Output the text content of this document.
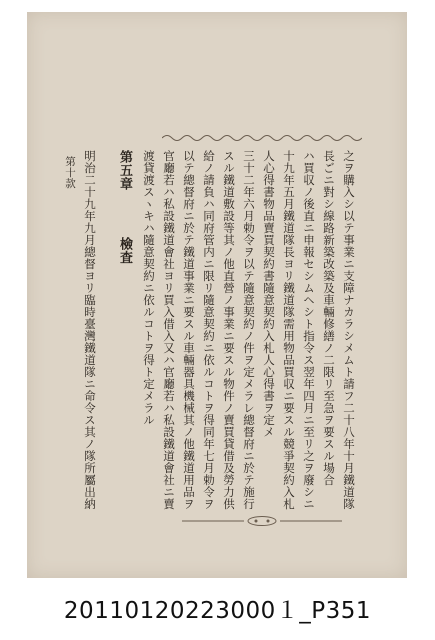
之ヲ購入シ以テ事業ニ支障ナカラシメムト請フ二十八年十月鐵道隊

長ごニ對シ線路新築改築及車輛修繕ノ二限リ至急ヲ要スル場合

ハ買収ノ後直ニ申報セシムヘシト指令ス翌年四月ニ至リ之ヲ廢シニ

十九年五月鐵道隊長ヨリ鐵道隊需用物品買収ニ要スル競爭契約入札

人心得書物品賣買契約書隨意契約入札人心得書ヲ定メ

三十二年六月勅令ヲ以テ隨意契約ノ件ヲ定メラレ總督府ニ於テ施行

スル鐵道敷設等其ノ他直營ノ事業ニ要スル物件ノ賣買貸借及勞力供

給ノ請負ハ同府管内ニ限リ隨意契約ニ依ルコトヲ得同年七月勅令ヲ

以テ總督府ニ於テ鐵道事業ニ要スル車輛器具機械其ノ他鐵道用品ヲ

官廳若ハ私設鐵道會社ヨリ買入借入又ハ官廳若ハ私設鐵道會社ニ賣

渡貸渡スヽキハ隨意契約ニ依ルコトヲ得ト定メラル

第五章檢査

明治二十九年九月總督ヨリ臨時臺灣鐵道隊ニ命令ス其ノ隊所屬出納

第十款

20110120223000１_P351
